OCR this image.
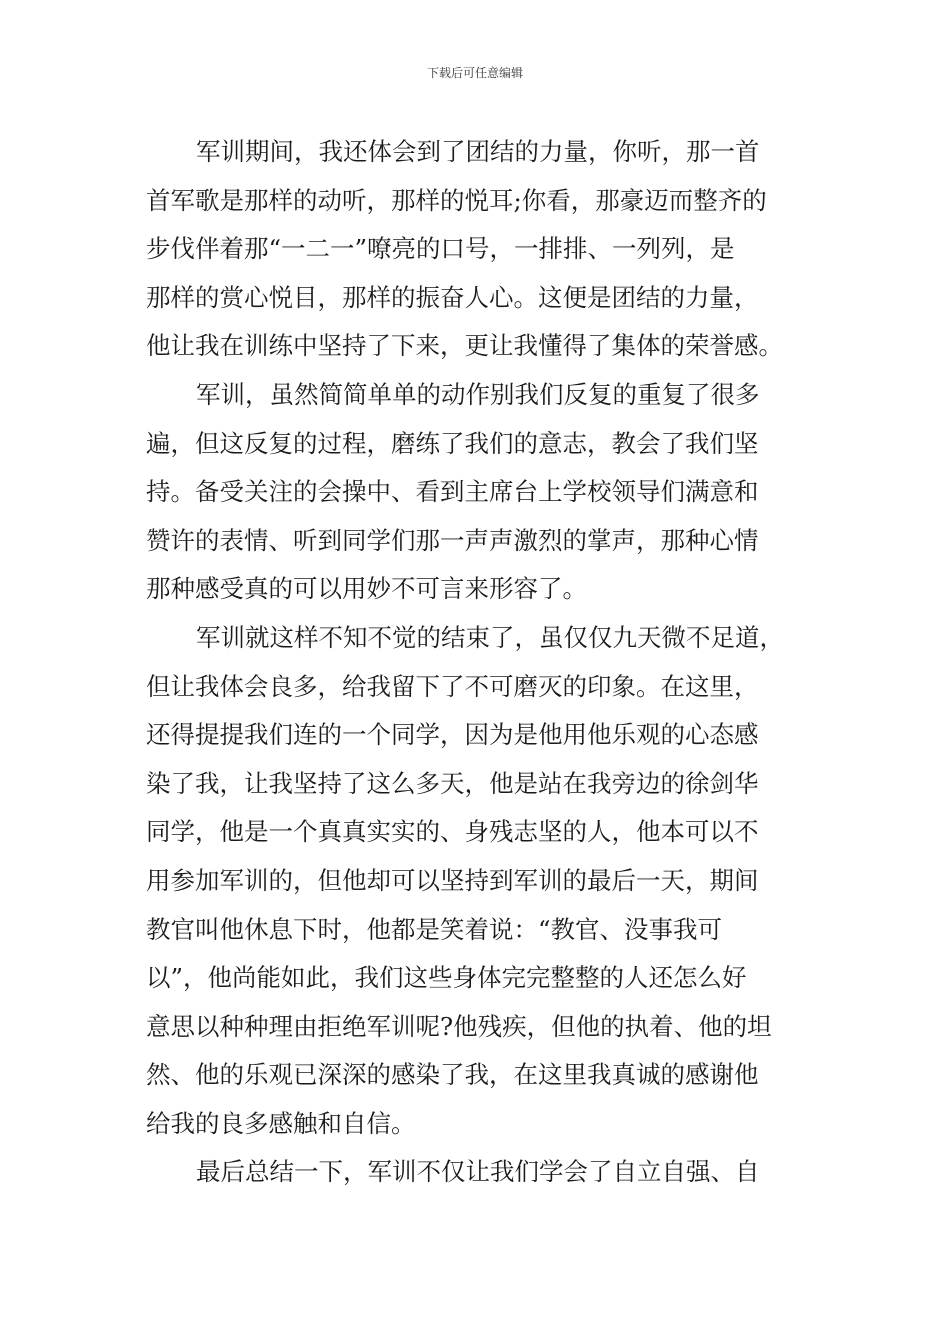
下载后可任意编辑
军训期间，我还体会到了团结的力量，你听，那一首
首军歌是那样的动听，那样的悦耳;你看，那豪迈而整齐的
步伐伴着那“一二一”嘹亮的口号，一排排、一列列，是
那样的赏心悦目，那样的振奋人心。这便是团结的力量，
他让我在训练中坚持了下来，更让我懂得了集体的荣誉感。
军训，虽然简简单单的动作别我们反复的重复了很多
遍，但这反复的过程，磨练了我们的意志，教会了我们坚
持。备受关注的会操中、看到主席台上学校领导们满意和
赞许的表情、听到同学们那一声声激烈的掌声，那种心情
那种感受真的可以用妙不可言来形容了。
军训就这样不知不觉的结束了，虽仅仅九天微不足道，
但让我体会良多，给我留下了不可磨灭的印象。在这里，
还得提提我们连的一个同学，因为是他用他乐观的心态感
染了我，让我坚持了这么多天，他是站在我旁边的徐剑华
同学，他是一个真真实实的、身残志坚的人，他本可以不
用参加军训的，但他却可以坚持到军训的最后一天，期间
教官叫他休息下时，他都是笑着说：“教官、没事我可
以”，他尚能如此，我们这些身体完完整整的人还怎么好
意思以种种理由拒绝军训呢?他残疾，但他的执着、他的坦
然、他的乐观已深深的感染了我，在这里我真诚的感谢他
给我的良多感触和自信。
最后总结一下，军训不仅让我们学会了自立自强、自
